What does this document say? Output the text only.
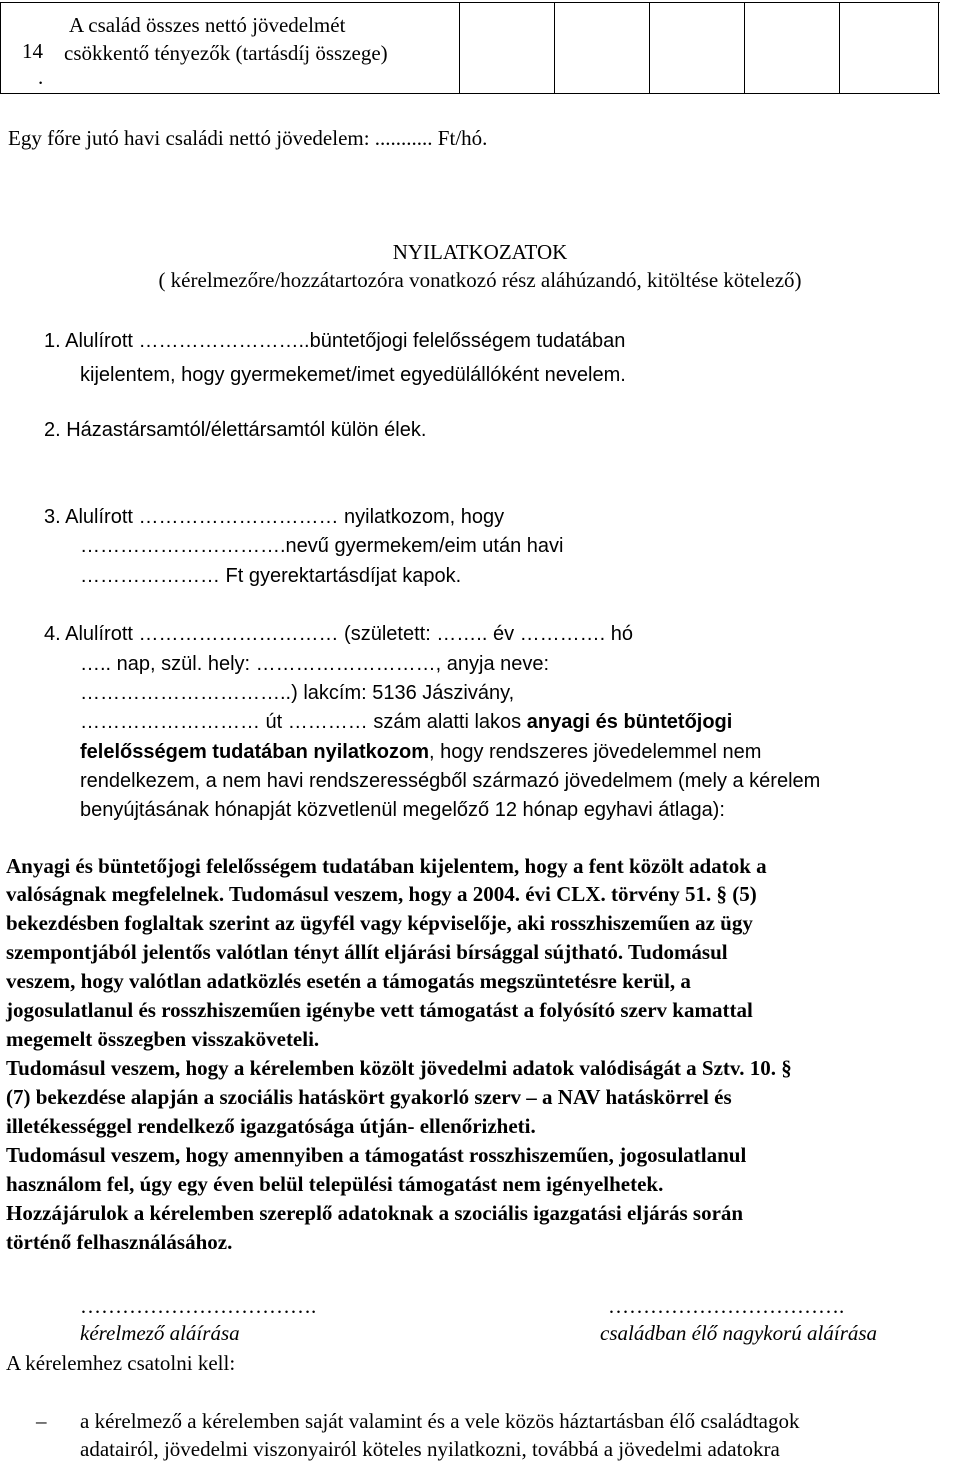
14
.
A család összes nettó jövedelmét
csökkentő tényezők (tartásdíj összege)
Egy főre jutó havi családi nettó jövedelem: ........... Ft/hó.
NYILATKOZATOK
( kérelmezőre/hozzátartozóra vonatkozó rész aláhúzandó, kitöltése kötelező)
1. Alulírott ……………………..büntetőjogi felelősségem tudatában
kijelentem, hogy gyermekemet/imet egyedülállóként nevelem.
2. Házastársamtól/élettársamtól külön élek.
3. Alulírott ………………………… nyilatkozom, hogy
………………………….nevű gyermekem/eim után havi
………………… Ft gyerektartásdíjat kapok.
4. Alulírott ………………………… (született: …….. év …………. hó
….. nap, szül. hely: ………………………, anyja neve:
…………………………..) lakcím: 5136 Jászivány,
……………………… út ………… szám alatti lakos anyagi és büntetőjogi
felelősségem tudatában nyilatkozom, hogy rendszeres jövedelemmel nem
rendelkezem, a nem havi rendszerességből származó jövedelmem (mely a kérelem
benyújtásának hónapját közvetlenül megelőző 12 hónap egyhavi átlaga):
Anyagi és büntetőjogi felelősségem tudatában kijelentem, hogy a fent közölt adatok a
valóságnak megfelelnek. Tudomásul veszem, hogy a 2004. évi CLX. törvény 51. § (5)
bekezdésben foglaltak szerint az ügyfél vagy képviselője, aki rosszhiszeműen az ügy
szempontjából jelentős valótlan tényt állít eljárási bírsággal sújtható. Tudomásul
veszem, hogy valótlan adatközlés esetén a támogatás megszüntetésre kerül, a
jogosulatlanul és rosszhiszeműen igénybe vett támogatást a folyósító szerv kamattal
megemelt összegben visszaköveteli.
Tudomásul veszem, hogy a kérelemben közölt jövedelmi adatok valódiságát a Sztv. 10. §
(7) bekezdése alapján a szociális hatáskört gyakorló szerv – a NAV hatáskörrel és
illetékességgel rendelkező igazgatósága útján- ellenőrizheti.
Tudomásul veszem, hogy amennyiben a támogatást rosszhiszeműen, jogosulatlanul
használom fel, úgy egy éven belül települési támogatást nem igényelhetek.
Hozzájárulok a kérelemben szereplő adatoknak a szociális igazgatási eljárás során
történő felhasználásához.
…………………………….	…………………………….
kérelmező aláírása	családban élő nagykorú aláírása
A kérelemhez csatolni kell:
– a kérelmező a kérelemben saját valamint és a vele közös háztartásban élő családtagok
adatairól, jövedelmi viszonyairól köteles nyilatkozni, továbbá a jövedelmi adatokra
